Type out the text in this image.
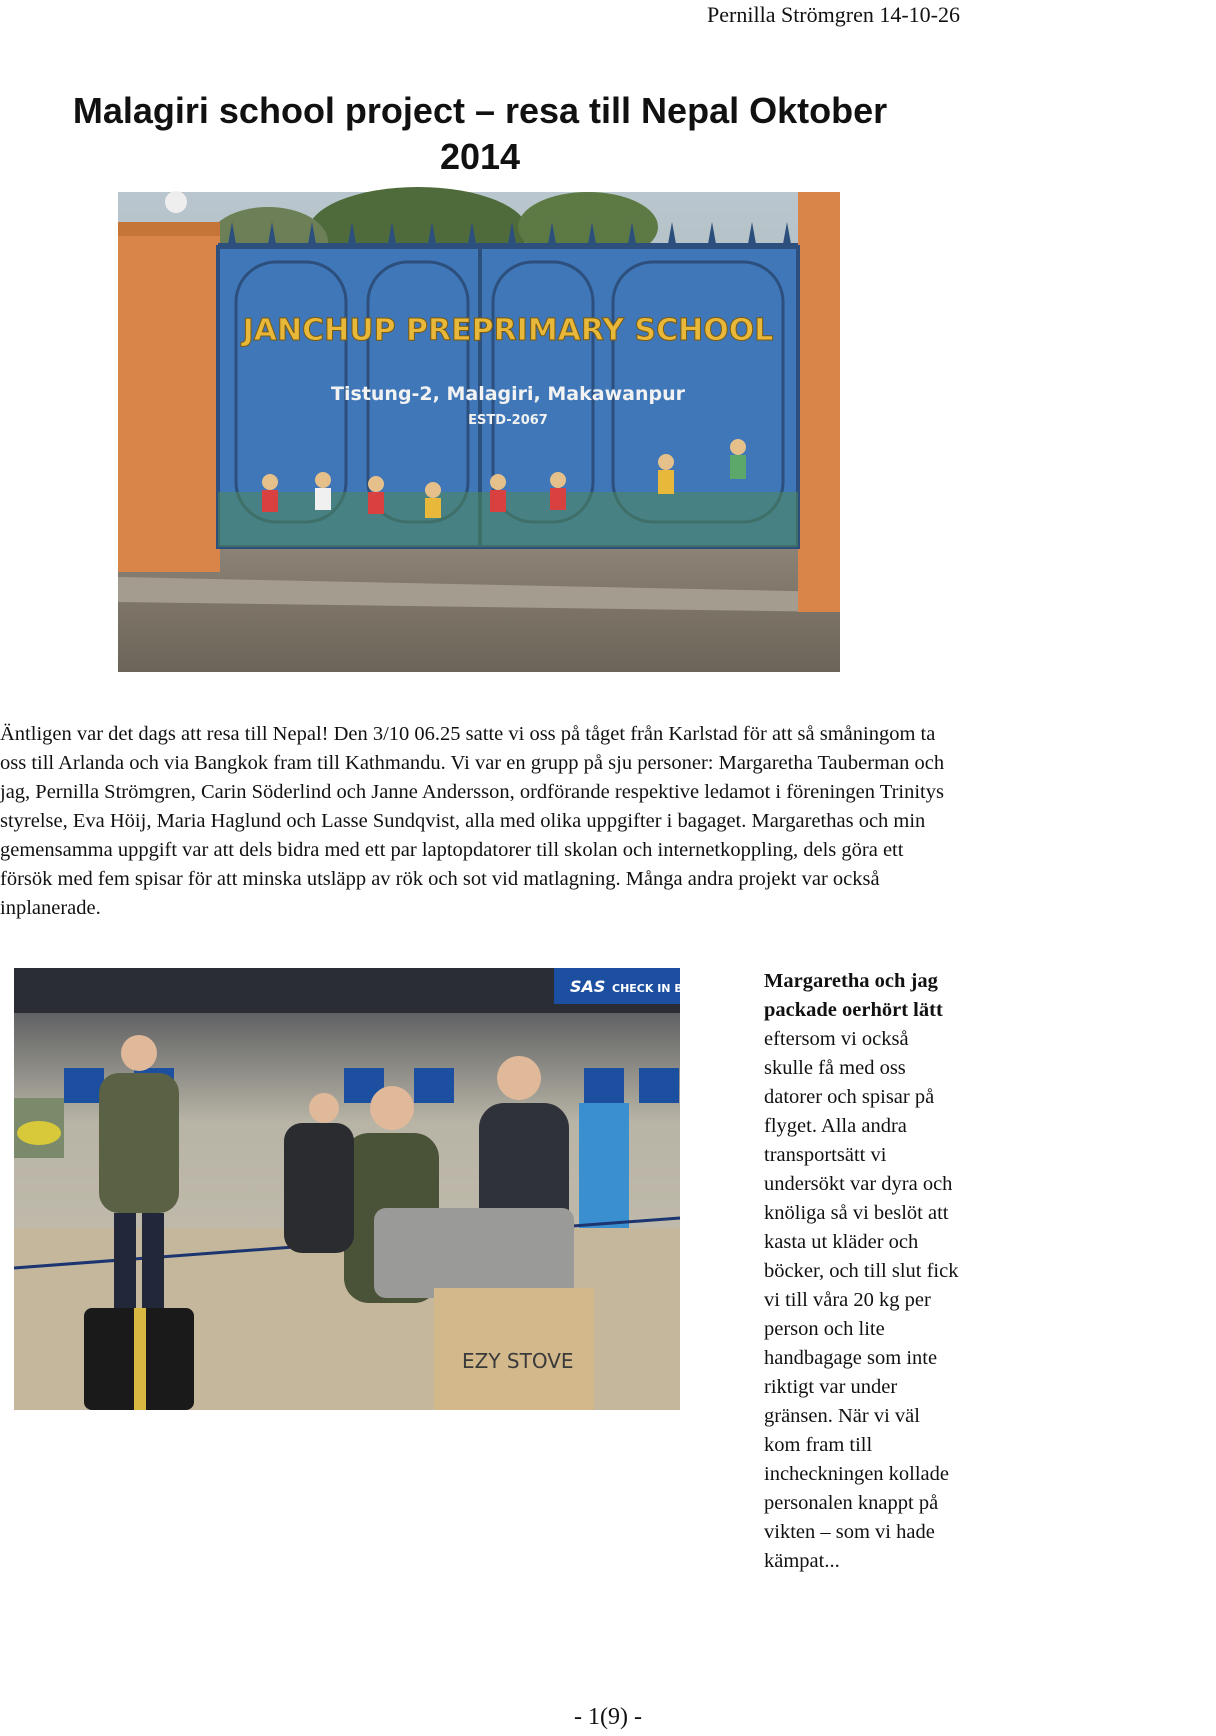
Pernilla Strömgren 14-10-26
Malagiri school project – resa till Nepal Oktober 2014
JANCHUP PREPRIMARY SCHOOL
Tistung-2, Malagiri, Makawanpur
ESTD-2067

Äntligen var det dags att resa till Nepal! Den 3/10 06.25 satte vi oss på tåget från Karlstad för att så småningom ta oss till Arlanda och via Bangkok fram till Kathmandu. Vi var en grupp på sju personer: Margaretha Tauberman och jag, Pernilla Strömgren, Carin Söderlind och Janne Andersson, ordförande respektive ledamot i föreningen Trinitys styrelse, Eva Höij, Maria Haglund och Lasse Sundqvist, alla med olika uppgifter i bagaget. Margarethas och min gemensamma uppgift var att dels bidra med ett par laptopdatorer till skolan och internetkoppling, dels göra ett försök med fem spisar för att minska utsläpp av rök och sot vid matlagning. Många andra projekt var också inplanerade.

SAS CHECK IN BAG TAG
EZY STOVE

Margaretha och jag packade oerhört lätt eftersom vi också skulle få med oss datorer och spisar på flyget. Alla andra transportsätt vi undersökt var dyra och knöliga så vi beslöt att kasta ut kläder och böcker, och till slut fick vi till våra 20 kg per person och lite handbagage som inte riktigt var under gränsen. När vi väl kom fram till incheckningen kollade personalen knappt på vikten – som vi hade kämpat...

- 1(9) -
